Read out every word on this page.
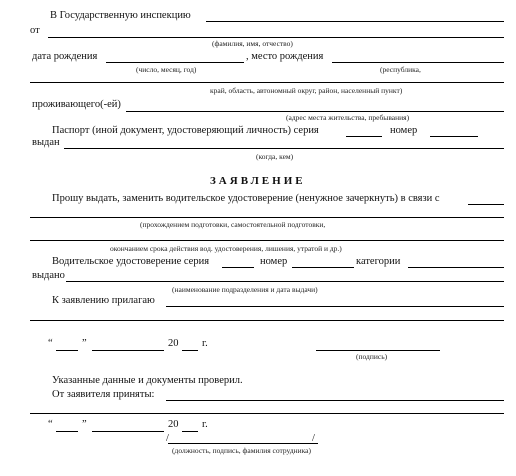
В Государственную инспекцию
от
(фамилия, имя, отчество)
дата рождения	, место рождения
(число, месяц, год)	(республика,
край, область, автономный округ, район, населенный пункт)
проживающего(-ей)
(адрес места жительства, пребывания)
Паспорт (иной документ, удостоверяющий личность) серия	номер
выдан
(когда, кем)
ЗАЯВЛЕНИЕ
Прошу выдать, заменить водительское удостоверение (ненужное зачеркнуть) в связи с
(прохождением подготовки, самостоятельной подготовки,
окончанием срока действия вод. удостоверения, лишения, утратой и др.)
Водительское удостоверение серия	номер	категории
выдано
(наименование подразделения и дата выдачи)
К заявлению прилагаю
“	”	20 г.
(подпись)
Указанные данные и документы проверил.
От заявителя приняты:
“	”	20 г.
/	/
(должность, подпись, фамилия сотрудника)
